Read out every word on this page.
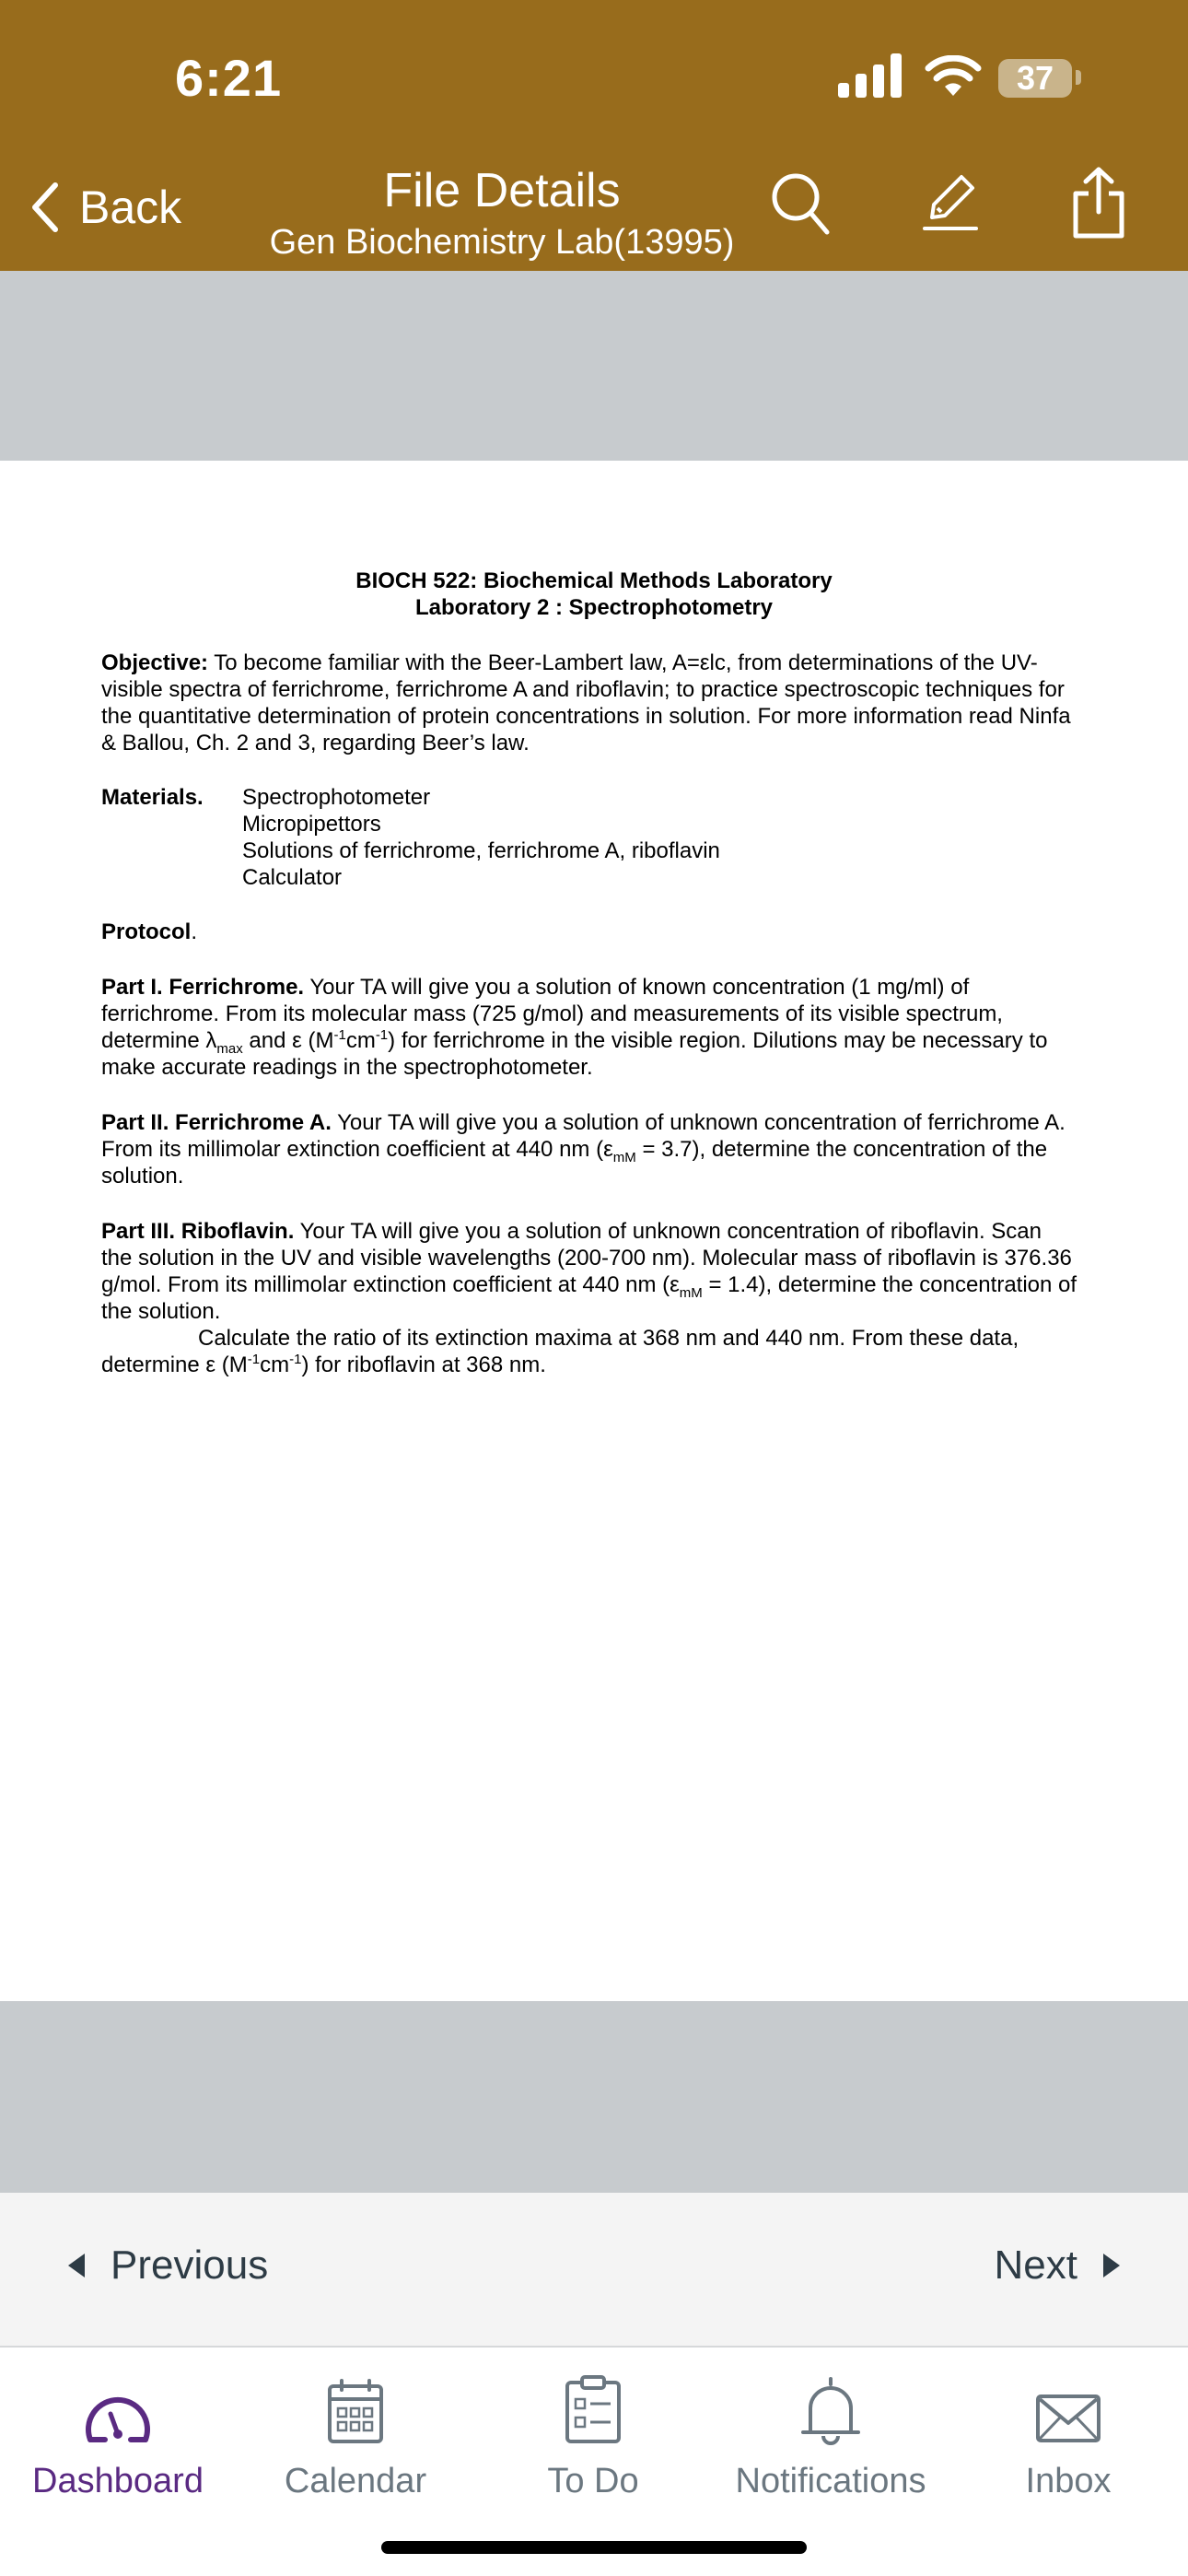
6:21	37
Back	File Details
Gen Biochemistry Lab(13995)
BIOCH 522: Biochemical Methods Laboratory
Laboratory 2 : Spectrophotometry
Objective: To become familiar with the Beer-Lambert law, A=εlc, from determinations of the UV-visible spectra of ferrichrome, ferrichrome A and riboflavin; to practice spectroscopic techniques for the quantitative determination of protein concentrations in solution. For more information read Ninfa & Ballou, Ch. 2 and 3, regarding Beer’s law.
Materials.	Spectrophotometer
Micropipettors
Solutions of ferrichrome, ferrichrome A, riboflavin
Calculator
Protocol.
Part I. Ferrichrome. Your TA will give you a solution of known concentration (1 mg/ml) of ferrichrome. From its molecular mass (725 g/mol) and measurements of its visible spectrum, determine $\lambda_{max}$ and ε $(M^{-1}cm^{-1})$ for ferrichrome in the visible region. Dilutions may be necessary to make accurate readings in the spectrophotometer.
Part II. Ferrichrome A. Your TA will give you a solution of unknown concentration of ferrichrome A. From its millimolar extinction coefficient at 440 nm $(\varepsilon_{mM} = 3.7)$, determine the concentration of the solution.
Part III. Riboflavin. Your TA will give you a solution of unknown concentration of riboflavin. Scan the solution in the UV and visible wavelengths (200-700 nm). Molecular mass of riboflavin is 376.36 g/mol. From its millimolar extinction coefficient at 440 nm $(\varepsilon_{mM} = 1.4)$, determine the concentration of the solution.
Calculate the ratio of its extinction maxima at 368 nm and 440 nm. From these data, determine ε $(M^{-1}cm^{-1})$ for riboflavin at 368 nm.
Previous	Next
Dashboard	Calendar	To Do	Notifications	Inbox
